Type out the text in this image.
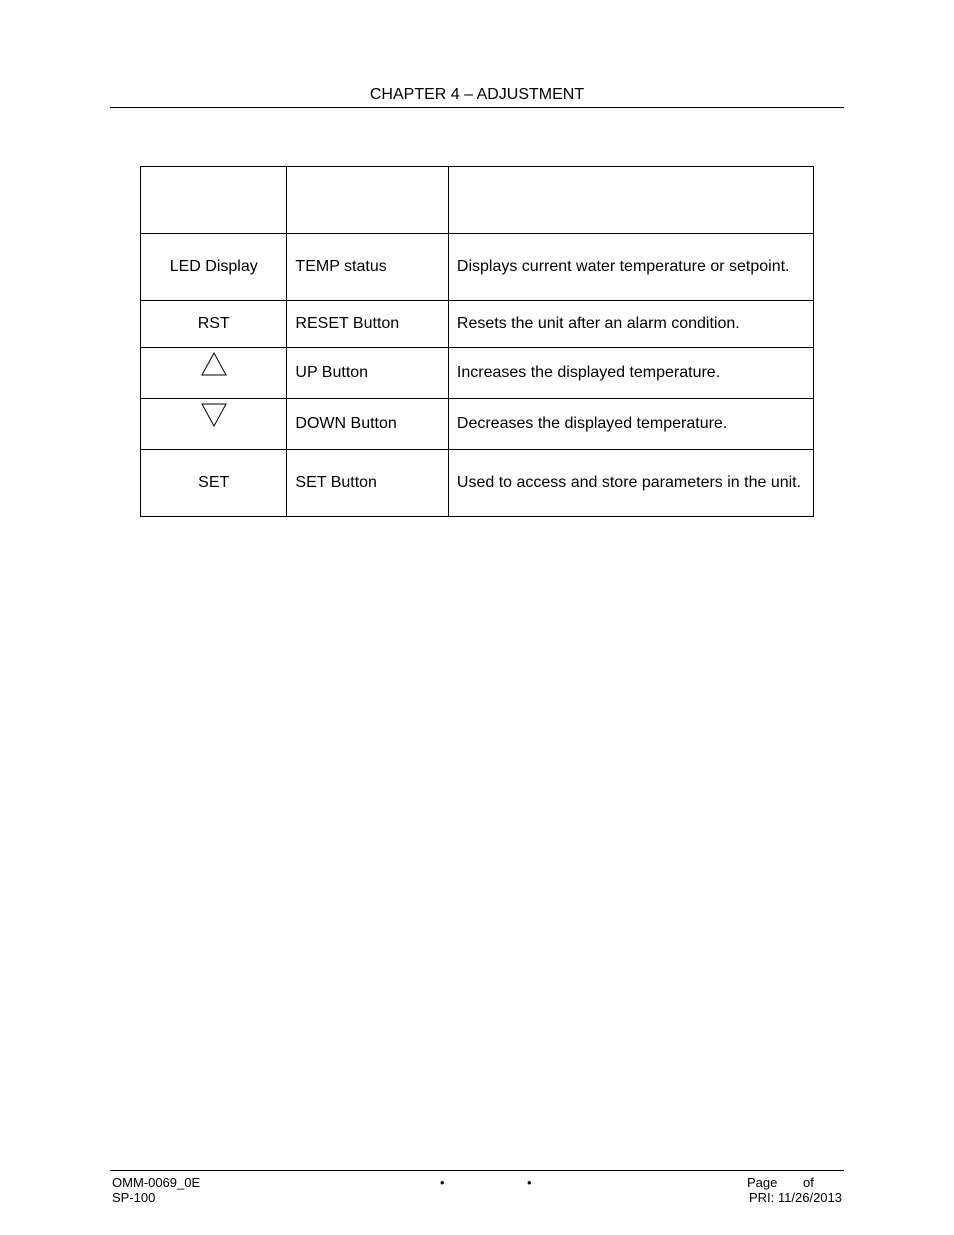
CHAPTER 4 – ADJUSTMENT

LED Display	TEMP status	Displays current water temperature or setpoint.
RST	RESET Button	Resets the unit after an alarm condition.
	UP Button	Increases the displayed temperature.
	DOWN Button	Decreases the displayed temperature.
SET	SET Button	Used to access and store parameters in the unit.
OMM-0069_0E
SP-100
•	•	Page of
PRI: 11/26/2013
